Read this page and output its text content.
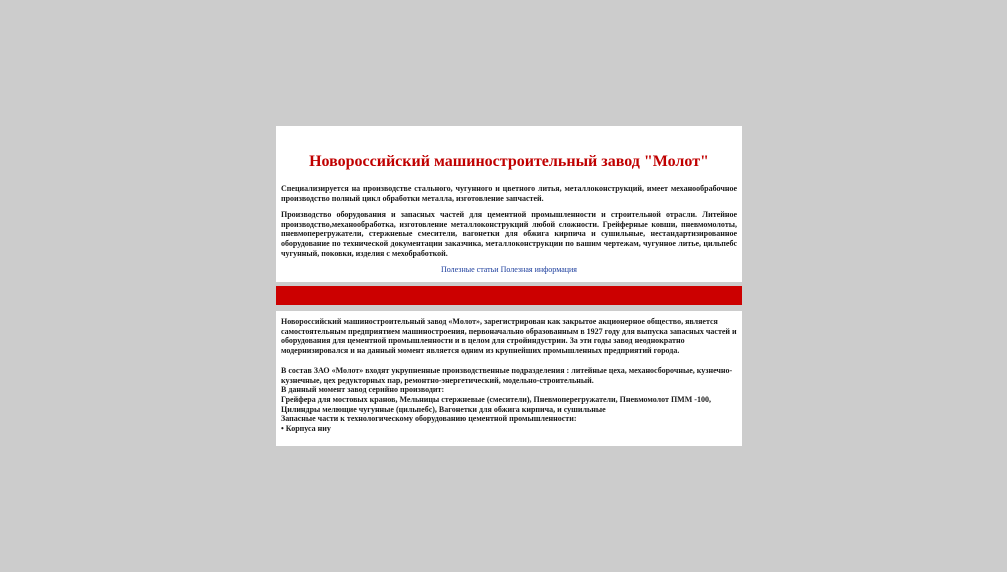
Новороссийский машиностроительный завод "Молот"

Специализируется на производстве стального, чугунного и цветного литья, металлоконструкций, имеет механообрабочное производство полный цикл обработки металла, изготовление запчастей.

Производство оборудования и запасных частей для цементной промышленности и строительной отрасли. Литейное производство,механообработка, изготовление металлоконструкций любой сложности. Грейферные ковши, пневмомолоты, пневмоперегружатели, стержневые смесители, вагонетки для обжига кирпича и сушильные, нестандартизированное оборудование по технической документации заказчика, металлоконструкции по вашим чертежам, чугунное литье, цильпебс чугунный, поковки, изделия с мехобработкой.

Полезные статьи Полезная информация

Новороссийский машиностроительный завод «Молот», зарегистрирован как закрытое акционерное общество, является самостоятельным предприятием машиностроения, первоначально образованным в 1927 году для выпуска запасных частей и оборудования для цементной промышленности и в целом для стройиндустрии. За эти годы завод неоднократно модернизировался и на данный момент является одним из крупнейших промышленных предприятий города.

В состав ЗАО «Молот» входят укрупненные производственные подразделения : литейные цеха, механосборочные, кузнечно-кузнечные, цех редукторных пар, ремонтно-энергетический, модельно-строительный.

В данный момент завод серийно производит:

Грейфера для мостовых кранов, Мельницы стержневые (смесители), Пневмоперегружатели, Пневмомолот ПММ -100,

Цилиндры мелющие чугунные (цильпебс), Вагонетки для обжига кирпича, и сушильные

Запасные части к технологическому оборудованию цементной промышленности:

• Корпуса ниу
